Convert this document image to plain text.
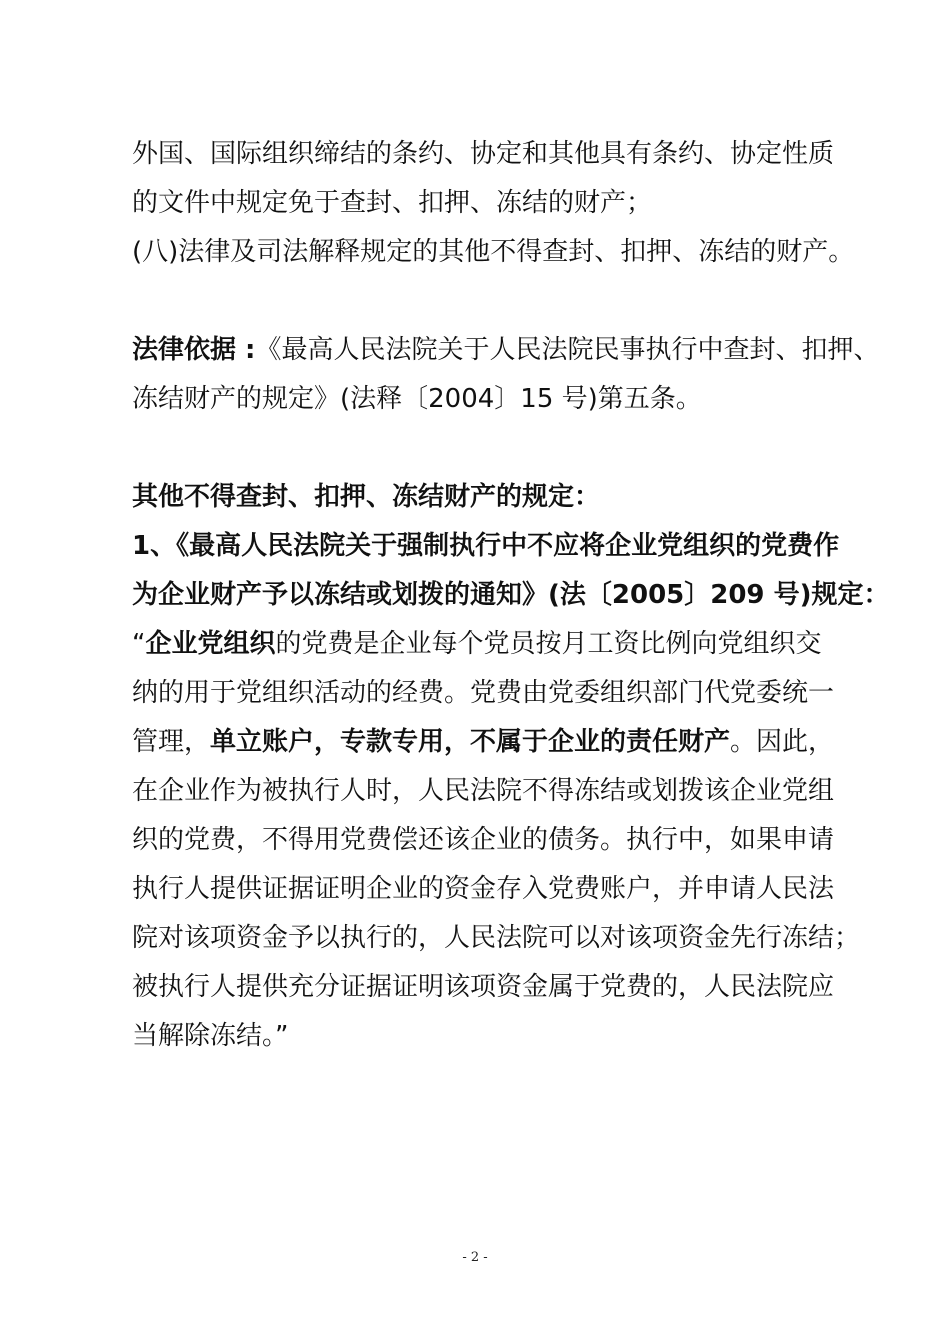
外国、国际组织缔结的条约、协定和其他具有条约、协定性质
的文件中规定免于查封、扣押、冻结的财产；
(八)法律及司法解释规定的其他不得查封、扣押、冻结的财产。
法律依据 :《最高人民法院关于人民法院民事执行中查封、扣押、
冻结财产的规定》(法释〔2004〕15 号)第五条。
其他不得查封、扣押、冻结财产的规定：
1、《最高人民法院关于强制执行中不应将企业党组织的党费作
为企业财产予以冻结或划拨的通知》(法〔2005〕209 号)规定：
“企业党组织的党费是企业每个党员按月工资比例向党组织交
纳的用于党组织活动的经费。党费由党委组织部门代党委统一
管理，单立账户，专款专用，不属于企业的责任财产。因此，
在企业作为被执行人时，人民法院不得冻结或划拨该企业党组
织的党费，不得用党费偿还该企业的债务。执行中，如果申请
执行人提供证据证明企业的资金存入党费账户，并申请人民法
院对该项资金予以执行的，人民法院可以对该项资金先行冻结；
被执行人提供充分证据证明该项资金属于党费的，人民法院应
当解除冻结。”
- 2 -
